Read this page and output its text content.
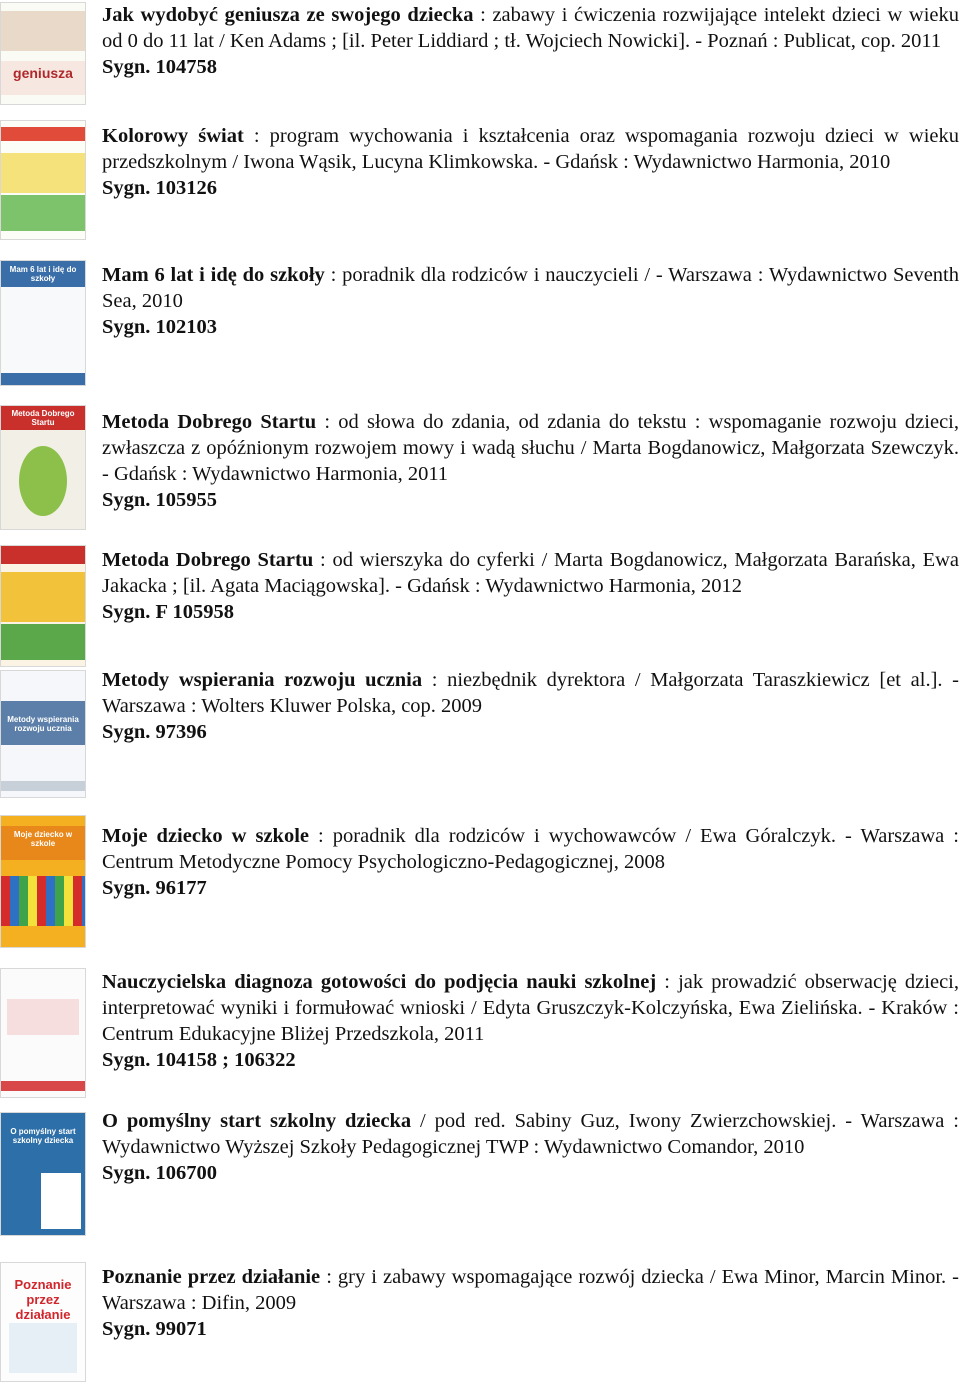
geniusza
Jak wydobyć geniusza ze swojego dziecka : zabawy i ćwiczenia rozwijające intelekt dzieci w wieku od 0 do 11 lat / Ken Adams ; [il. Peter Liddiard ; tł. Wojciech Nowicki]. - Poznań : Publicat, cop. 2011
Sygn. 104758
Kolorowy świat : program wychowania i kształcenia oraz wspomagania rozwoju dzieci w wieku przedszkolnym / Iwona Wąsik, Lucyna Klimkowska. - Gdańsk : Wydawnictwo Harmonia, 2010
Sygn. 103126
Mam 6 lat i idę do szkoły	Mam 6 lat i idę do szkoły : poradnik dla rodziców i nauczycieli / - Warszawa : Wydawnictwo Seventh Sea, 2010
Sygn. 102103
Metoda Dobrego Startu	Metoda Dobrego Startu : od słowa do zdania, od zdania do tekstu : wspomaganie rozwoju dzieci, zwłaszcza z opóźnionym rozwojem mowy i wadą słuchu / Marta Bogdanowicz, Małgorzata Szewczyk. - Gdańsk : Wydawnictwo Harmonia, 2011
Sygn. 105955
Metoda Dobrego Startu : od wierszyka do cyferki / Marta Bogdanowicz, Małgorzata Barańska, Ewa Jakacka ; [il. Agata Maciągowska]. - Gdańsk : Wydawnictwo Harmonia, 2012
Sygn. F 105958
Metody wspierania rozwoju ucznia
Metody wspierania rozwoju ucznia : niezbędnik dyrektora / Małgorzata Taraszkiewicz [et al.]. - Warszawa : Wolters Kluwer Polska, cop. 2009
Sygn. 97396
Moje dziecko w szkole	Moje dziecko w szkole : poradnik dla rodziców i wychowawców / Ewa Góralczyk. - Warszawa : Centrum Metodyczne Pomocy Psychologiczno-Pedagogicznej, 2008
Sygn. 96177
Nauczycielska diagnoza gotowości do podjęcia nauki szkolnej : jak prowadzić obserwację dzieci, interpretować wyniki i formułować wnioski / Edyta Gruszczyk-Kolczyńska, Ewa Zielińska. - Kraków : Centrum Edukacyjne Bliżej Przedszkola, 2011
Sygn. 104158 ; 106322
O pomyślny start szkolny dziecka
O pomyślny start szkolny dziecka / pod red. Sabiny Guz, Iwony Zwierzchowskiej. - Warszawa : Wydawnictwo Wyższej Szkoły Pedagogicznej TWP : Wydawnictwo Comandor, 2010
Sygn. 106700
Poznanie przez działanie
Poznanie przez działanie : gry i zabawy wspomagające rozwój dziecka / Ewa Minor, Marcin Minor. - Warszawa : Difin, 2009
Sygn. 99071
